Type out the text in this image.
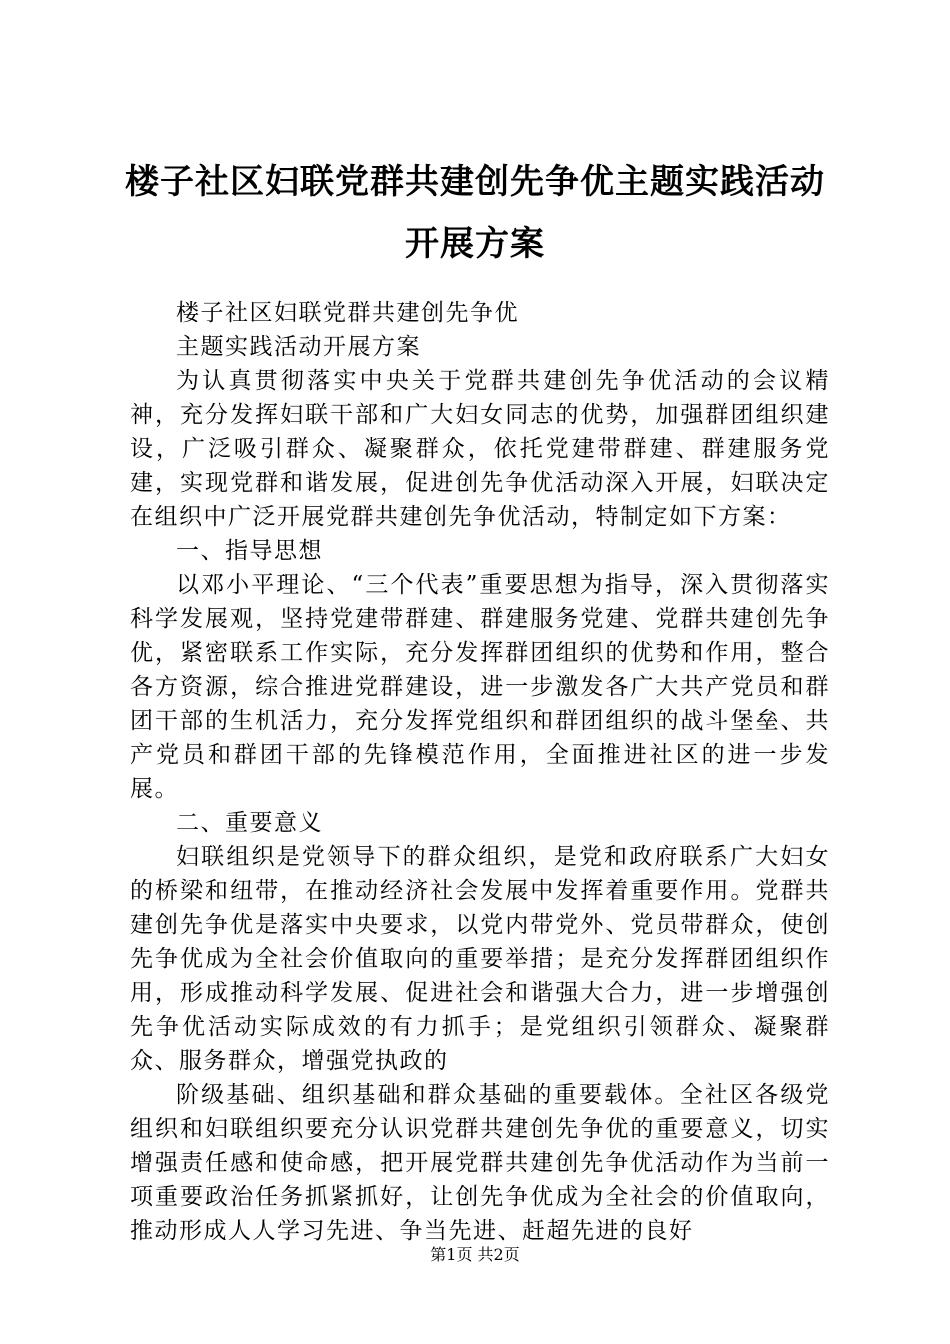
楼子社区妇联党群共建创先争优主题实践活动
开展方案

楼子社区妇联党群共建创先争优

主题实践活动开展方案

为认真贯彻落实中央关于党群共建创先争优活动的会议精神，充分发挥妇联干部和广大妇女同志的优势，加强群团组织建设，广泛吸引群众、凝聚群众，依托党建带群建、群建服务党建，实现党群和谐发展，促进创先争优活动深入开展，妇联决定在组织中广泛开展党群共建创先争优活动，特制定如下方案：

一、指导思想

以邓小平理论、“三个代表”重要思想为指导，深入贯彻落实科学发展观，坚持党建带群建、群建服务党建、党群共建创先争优，紧密联系工作实际，充分发挥群团组织的优势和作用，整合各方资源，综合推进党群建设，进一步激发各广大共产党员和群团干部的生机活力，充分发挥党组织和群团组织的战斗堡垒、共产党员和群团干部的先锋模范作用，全面推进社区的进一步发展。

二、重要意义

妇联组织是党领导下的群众组织，是党和政府联系广大妇女的桥梁和纽带，在推动经济社会发展中发挥着重要作用。党群共建创先争优是落实中央要求，以党内带党外、党员带群众，使创先争优成为全社会价值取向的重要举措；是充分发挥群团组织作用，形成推动科学发展、促进社会和谐强大合力，进一步增强创先争优活动实际成效的有力抓手；是党组织引领群众、凝聚群众、服务群众，增强党执政的

阶级基础、组织基础和群众基础的重要载体。全社区各级党组织和妇联组织要充分认识党群共建创先争优的重要意义，切实增强责任感和使命感，把开展党群共建创先争优活动作为当前一项重要政治任务抓紧抓好，让创先争优成为全社会的价值取向，推动形成人人学习先进、争当先进、赶超先进的良好

第1页 共2页
